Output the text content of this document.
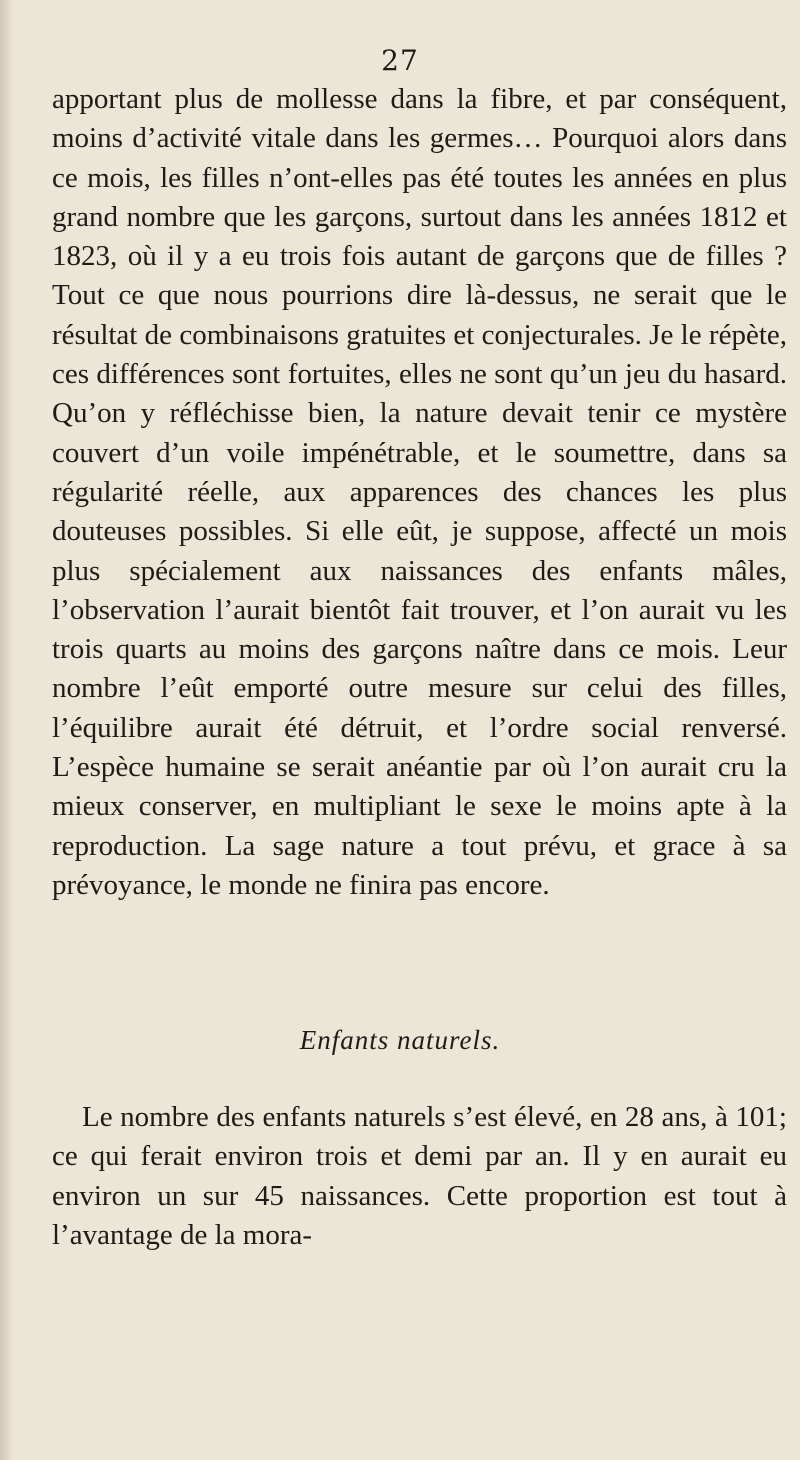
27

apportant plus de mollesse dans la fibre, et par conséquent, moins d’activité vitale dans les germes… Pourquoi alors dans ce mois, les filles n’ont-elles pas été toutes les années en plus grand nombre que les garçons, surtout dans les années 1812 et 1823, où il y a eu trois fois autant de garçons que de filles ? Tout ce que nous pourrions dire là-dessus, ne serait que le résultat de combinaisons gratuites et conjecturales. Je le répète, ces différences sont fortuites, elles ne sont qu’un jeu du hasard. Qu’on y réfléchisse bien, la nature devait tenir ce mystère couvert d’un voile impénétrable, et le soumettre, dans sa régularité réelle, aux apparences des chances les plus douteuses possibles. Si elle eût, je suppose, affecté un mois plus spécialement aux naissances des enfants mâles, l’observation l’aurait bientôt fait trouver, et l’on aurait vu les trois quarts au moins des garçons naître dans ce mois. Leur nombre l’eût emporté outre mesure sur celui des filles, l’équilibre aurait été détruit, et l’ordre social renversé. L’espèce humaine se serait anéantie par où l’on aurait cru la mieux conserver, en multipliant le sexe le moins apte à la reproduction. La sage nature a tout prévu, et grace à sa prévoyance, le monde ne finira pas encore.

Enfants naturels.

Le nombre des enfants naturels s’est élevé, en 28 ans, à 101; ce qui ferait environ trois et demi par an. Il y en aurait eu environ un sur 45 naissances. Cette proportion est tout à l’avantage de la mora-
